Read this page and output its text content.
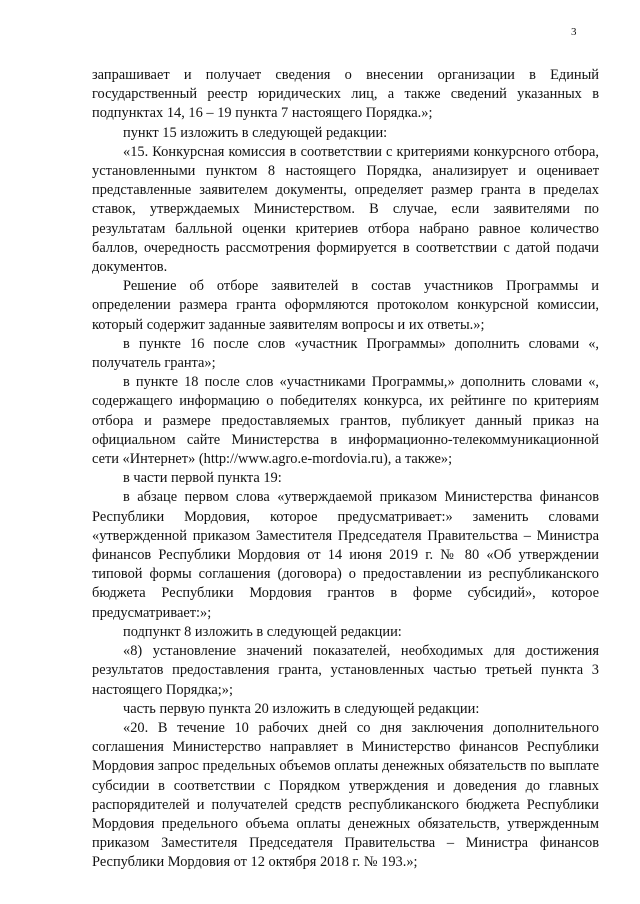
3

запрашивает и получает сведения о внесении организации в Единый государственный реестр юридических лиц, а также сведений указанных в подпунктах 14, 16 – 19 пункта 7 настоящего Порядка.»;

пункт 15 изложить в следующей редакции:

«15. Конкурсная комиссия в соответствии с критериями конкурсного отбора, установленными пунктом 8 настоящего Порядка, анализирует и оценивает представленные заявителем документы, определяет размер гранта в пределах ставок, утверждаемых Министерством. В случае, если заявителями по результатам балльной оценки критериев отбора набрано равное количество баллов, очередность рассмотрения формируется в соответствии с датой подачи документов.

Решение об отборе заявителей в состав участников Программы и определении размера гранта оформляются протоколом конкурсной комиссии, который содержит заданные заявителям вопросы и их ответы.»;

в пункте 16 после слов «участник Программы» дополнить словами «, получатель гранта»;

в пункте 18 после слов «участниками Программы,» дополнить словами «, содержащего информацию о победителях конкурса, их рейтинге по критериям отбора и размере предоставляемых грантов, публикует данный приказ на официальном сайте Министерства в информационно-телекоммуникационной сети «Интернет» (http://www.agro.e-mordovia.ru), а также»;

в части первой пункта 19:

в абзаце первом слова «утверждаемой приказом Министерства финансов Республики Мордовия, которое предусматривает:» заменить словами «утвержденной приказом Заместителя Председателя Правительства – Министра финансов Республики Мордовия от 14 июня 2019 г. № 80 «Об утверждении типовой формы соглашения (договора) о предоставлении из республиканского бюджета Республики Мордовия грантов в форме субсидий», которое предусматривает:»;

подпункт 8 изложить в следующей редакции:

«8) установление значений показателей, необходимых для достижения результатов предоставления гранта, установленных частью третьей пункта 3 настоящего Порядка;»;

часть первую пункта 20 изложить в следующей редакции:

«20. В течение 10 рабочих дней со дня заключения дополнительного соглашения Министерство направляет в Министерство финансов Республики Мордовия запрос предельных объемов оплаты денежных обязательств по выплате субсидии в соответствии с Порядком утверждения и доведения до главных распорядителей и получателей средств республиканского бюджета Республики Мордовия предельного объема оплаты денежных обязательств, утвержденным приказом Заместителя Председателя Правительства – Министра финансов Республики Мордовия от 12 октября 2018 г. № 193.»;
